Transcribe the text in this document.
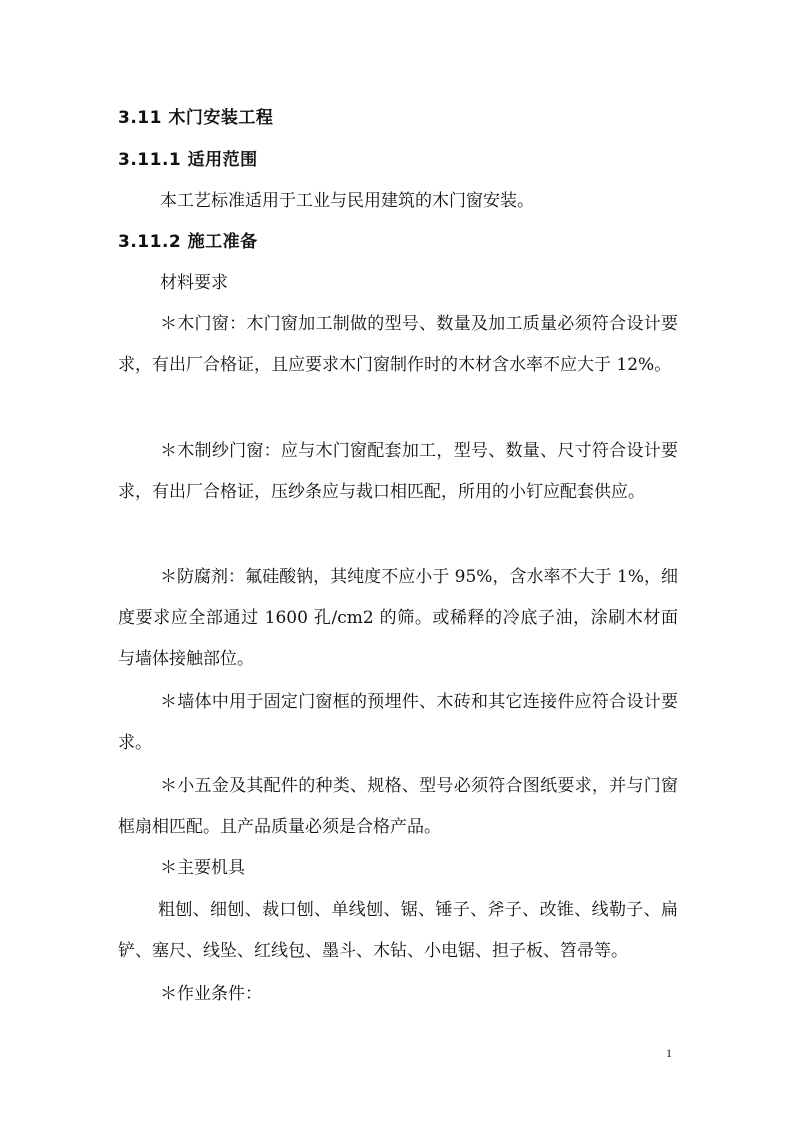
3.11 木门安装工程
3.11.1 适用范围
本工艺标准适用于工业与民用建筑的木门窗安装。
3.11.2 施工准备
材料要求
＊木门窗：木门窗加工制做的型号、数量及加工质量必须符合设计要求，有出厂合格证，且应要求木门窗制作时的木材含水率不应大于 12%。
＊木制纱门窗：应与木门窗配套加工，型号、数量、尺寸符合设计要求，有出厂合格证，压纱条应与裁口相匹配，所用的小钉应配套供应。
＊防腐剂：氟硅酸钠，其纯度不应小于 95%，含水率不大于 1%，细度要求应全部通过 1600 孔/cm2 的筛。或稀释的冷底子油，涂刷木材面与墙体接触部位。
＊墙体中用于固定门窗框的预埋件、木砖和其它连接件应符合设计要求。
＊小五金及其配件的种类、规格、型号必须符合图纸要求，并与门窗框扇相匹配。且产品质量必须是合格产品。
＊主要机具
粗刨、细刨、裁口刨、单线刨、锯、锤子、斧子、改锥、线勒子、扁铲、塞尺、线坠、红线包、墨斗、木钻、小电锯、担子板、笤帚等。
＊作业条件：
1
